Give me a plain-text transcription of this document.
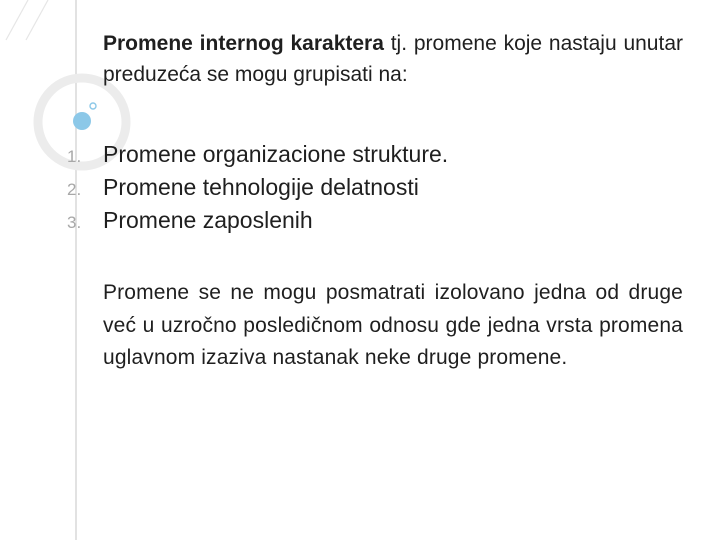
Promene internog karaktera tj. promene koje nastaju unutar preduzeća se mogu grupisati na:

1. Promene organizacione strukture.
2. Promene tehnologije delatnosti
3. Promene zaposlenih

Promene se ne mogu posmatrati izolovano jedna od druge već u uzročno posledičnom odnosu gde jedna vrsta promena uglavnom izaziva nastanak neke druge promene.
